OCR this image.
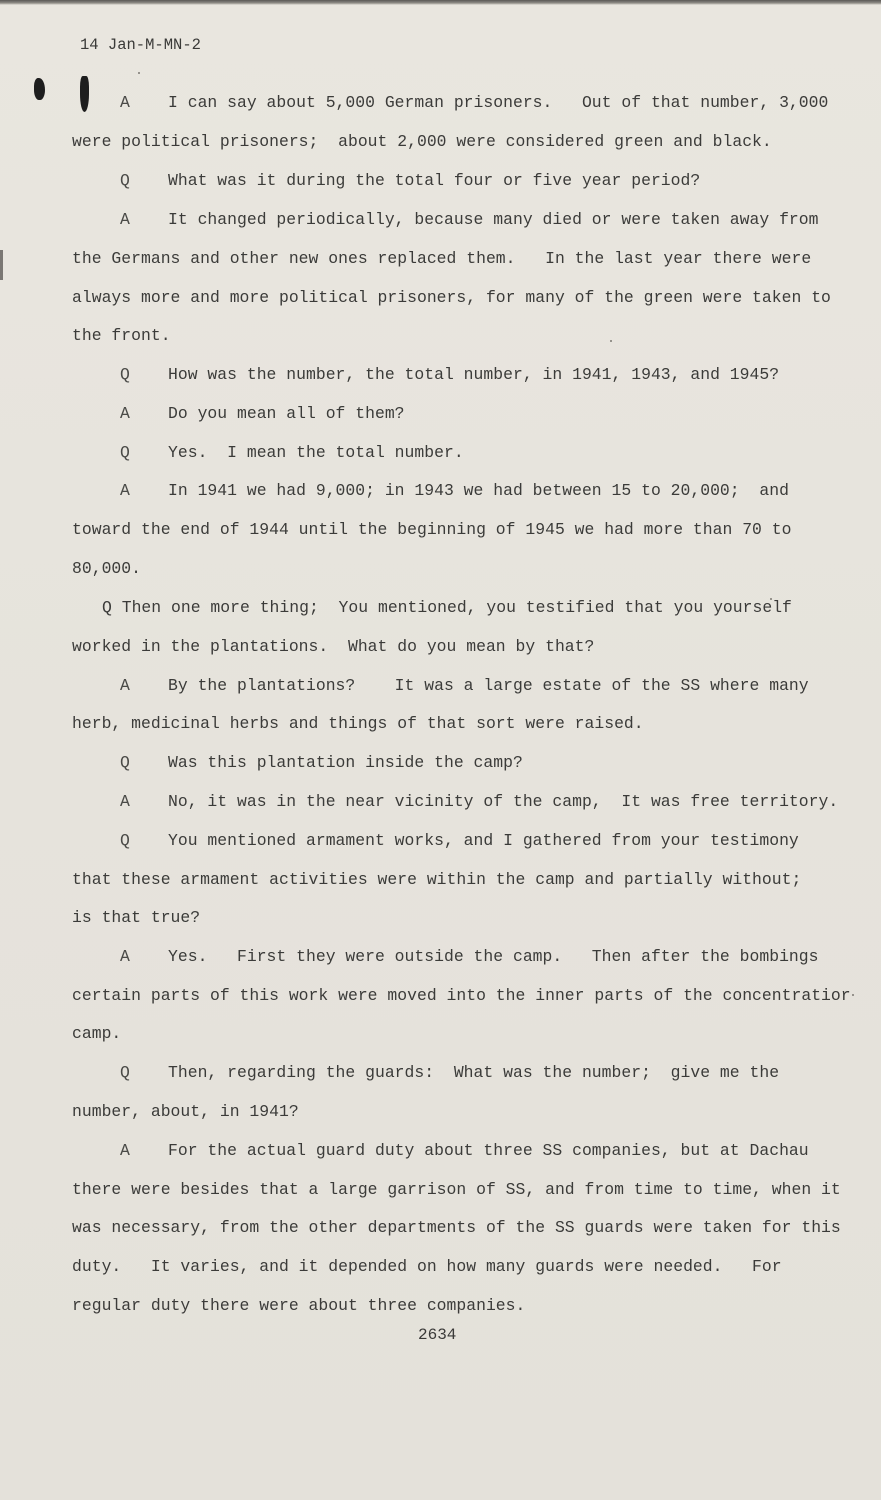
14 Jan-M-MN-2
A	I can say about 5,000 German prisoners.   Out of that number, 3,000
were political prisoners;  about 2,000 were considered green and black.
Q	What was it during the total four or five year period?
A	It changed periodically, because many died or were taken away from
the Germans and other new ones replaced them.   In the last year there were
always more and more political prisoners, for many of the green were taken to
the front.
Q	How was the number, the total number, in 1941, 1943, and 1945?
A	Do you mean all of them?
Q	Yes.  I mean the total number.
A	In 1941 we had 9,000; in 1943 we had between 15 to 20,000;  and
toward the end of 1944 until the beginning of 1945 we had more than 70 to
80,000.
Q Then one more thing;  You mentioned, you testified that you yourself
worked in the plantations.  What do you mean by that?
A	By the plantations?    It was a large estate of the SS where many
herb, medicinal herbs and things of that sort were raised.
Q	Was this plantation inside the camp?
A	No, it was in the near vicinity of the camp,  It was free territory.
Q	You mentioned armament works, and I gathered from your testimony
that these armament activities were within the camp and partially without;
is that true?
A	Yes.   First they were outside the camp.   Then after the bombings
certain parts of this work were moved into the inner parts of the concentratior
camp.
Q	Then, regarding the guards:  What was the number;  give me the
number, about, in 1941?
A	For the actual guard duty about three SS companies, but at Dachau
there were besides that a large garrison of SS, and from time to time, when it
was necessary, from the other departments of the SS guards were taken for this
duty.   It varies, and it depended on how many guards were needed.   For
regular duty there were about three companies.
2634
